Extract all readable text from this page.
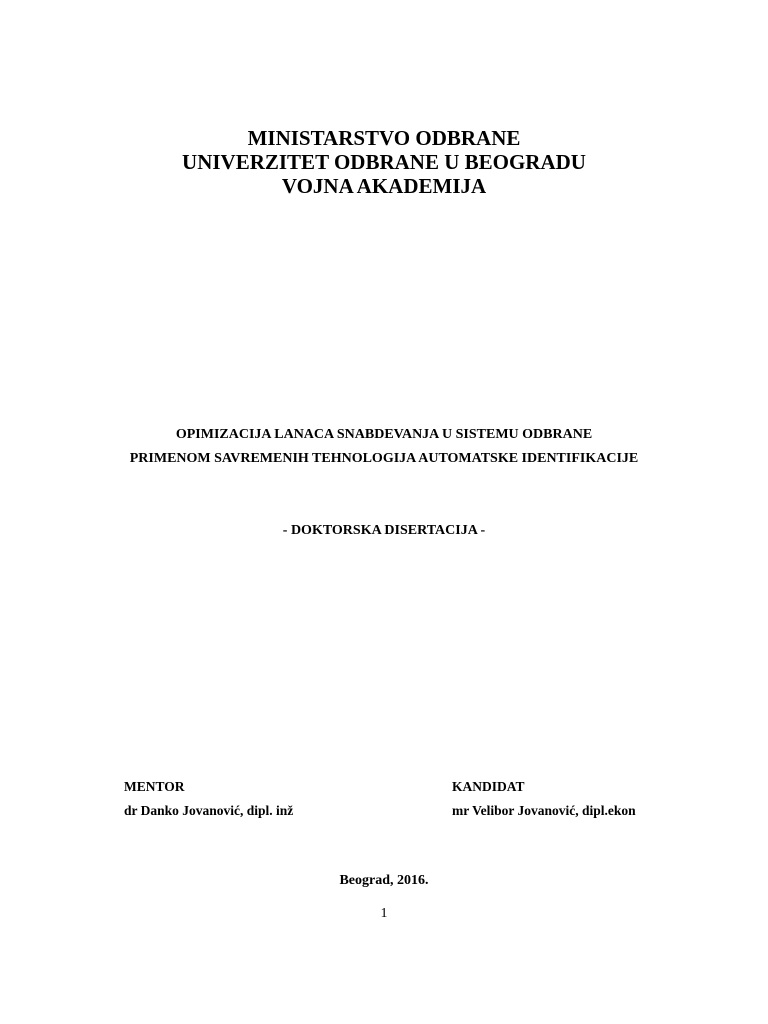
MINISTARSTVO ODBRANE
UNIVERZITET ODBRANE U BEOGRADU
VOJNA AKADEMIJA
OPIMIZACIJA LANACA SNABDEVANJA U SISTEMU ODBRANE
PRIMENOM SAVREMENIH TEHNOLOGIJA AUTOMATSKE IDENTIFIKACIJE
- DOKTORSKA DISERTACIJA -
MENTOR
dr Danko Jovanović, dipl. inž
KANDIDAT
mr Velibor Jovanović, dipl.ekon
Beograd, 2016.
1
